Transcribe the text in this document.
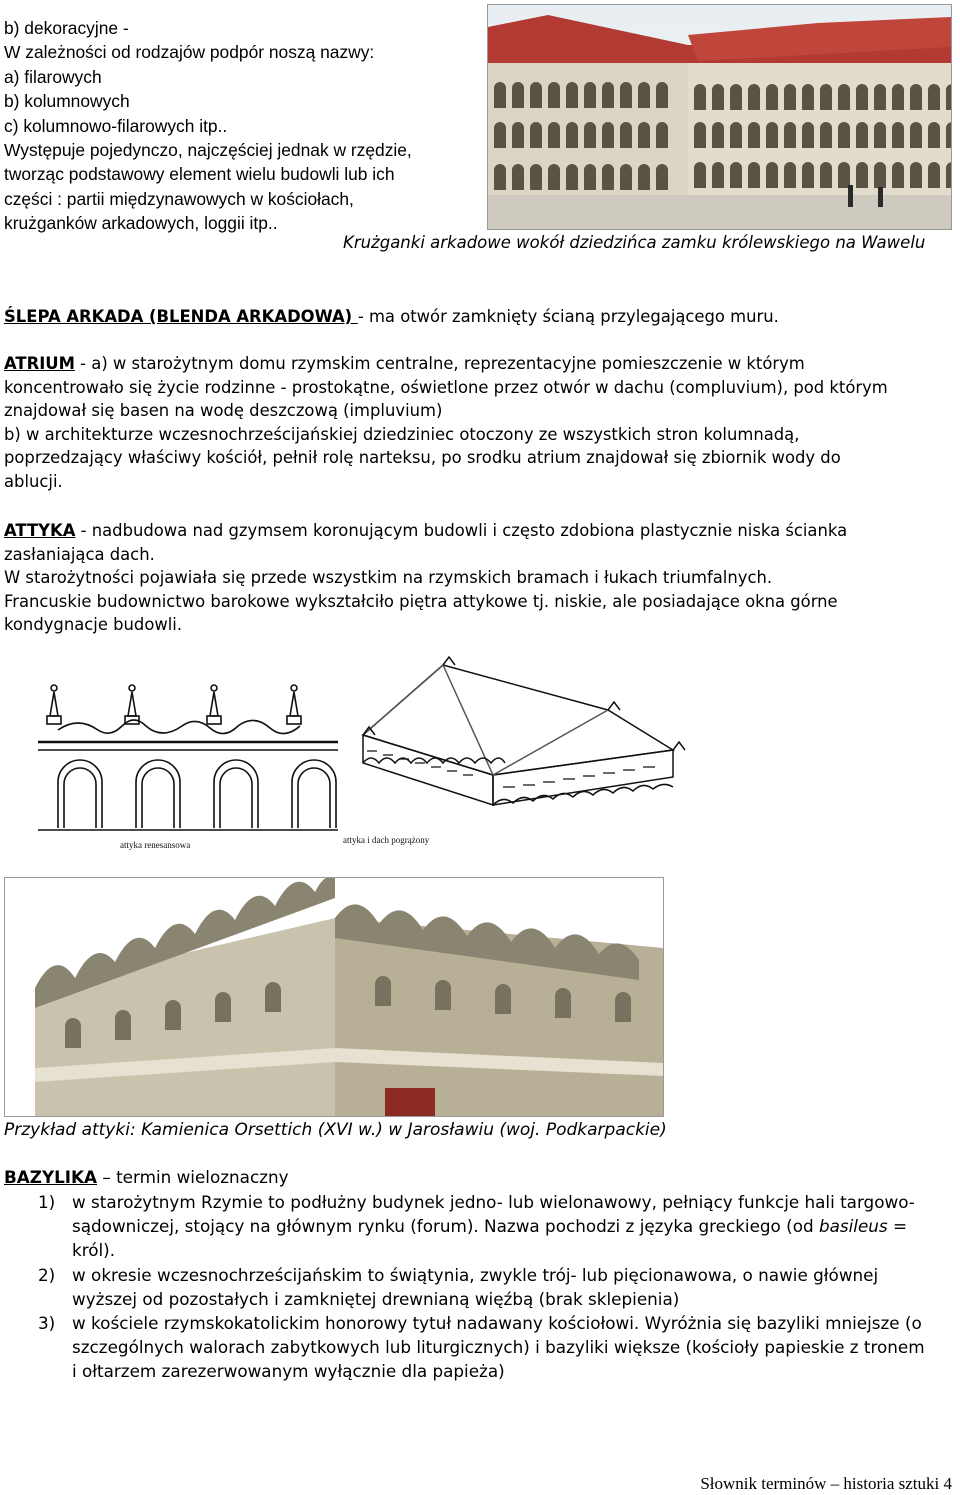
b) dekoracyjne -
W zależności od rodzajów podpór noszą nazwy:
a) filarowych
b) kolumnowych
c) kolumnowo-filarowych itp..
Występuje pojedynczo, najczęściej jednak w rzędzie,
tworząc podstawowy element wielu budowli lub ich
części : partii międzynawowych w kościołach,
krużganków arkadowych, loggii itp..
Krużganki arkadowe wokół dziedzińca zamku królewskiego na Wawelu
ŚLEPA ARKADA (BLENDA ARKADOWA) - ma otwór zamknięty ścianą przylegającego muru.
ATRIUM - a) w starożytnym domu rzymskim centralne, reprezentacyjne pomieszczenie w którym
koncentrowało się życie rodzinne - prostokątne, oświetlone przez otwór w dachu (compluvium), pod którym
znajdował się basen na wodę deszczową (impluvium)
b) w architekturze wczesnochrześcijańskiej dziedziniec otoczony ze wszystkich stron kolumnadą,
poprzedzający właściwy kościół, pełnił rolę narteksu, po srodku atrium znajdował się zbiornik wody do
ablucji.
ATTYKA - nadbudowa nad gzymsem koronującym budowli i często zdobiona plastycznie niska ścianka
zasłaniająca dach.
W starożytności pojawiała się przede wszystkim na rzymskich bramach i łukach triumfalnych.
Francuskie budownictwo barokowe wykształciło piętra attykowe tj. niskie, ale posiadające okna górne
kondygnacje budowli.
attyka renesansowa	attyka i dach pogrążony
Przykład attyki: Kamienica Orsettich (XVI w.) w Jarosławiu (woj. Podkarpackie)
BAZYLIKA – termin wieloznaczny
1) w starożytnym Rzymie to podłużny budynek jedno- lub wielonawowy, pełniący funkcje hali targowo-
sądowniczej, stojący na głównym rynku (forum). Nazwa pochodzi z języka greckiego (od basileus =
król).
2) w okresie wczesnochrześcijańskim to świątynia, zwykle trój- lub pięcionawowa, o nawie głównej
wyższej od pozostałych i zamkniętej drewnianą więźbą (brak sklepienia)
3) w kościele rzymskokatolickim honorowy tytuł nadawany kościołowi. Wyróżnia się bazyliki mniejsze (o
szczególnych walorach zabytkowych lub liturgicznych) i bazyliki większe (kościoły papieskie z tronem
i ołtarzem zarezerwowanym wyłącznie dla papieża)
Słownik terminów – historia sztuki 4
